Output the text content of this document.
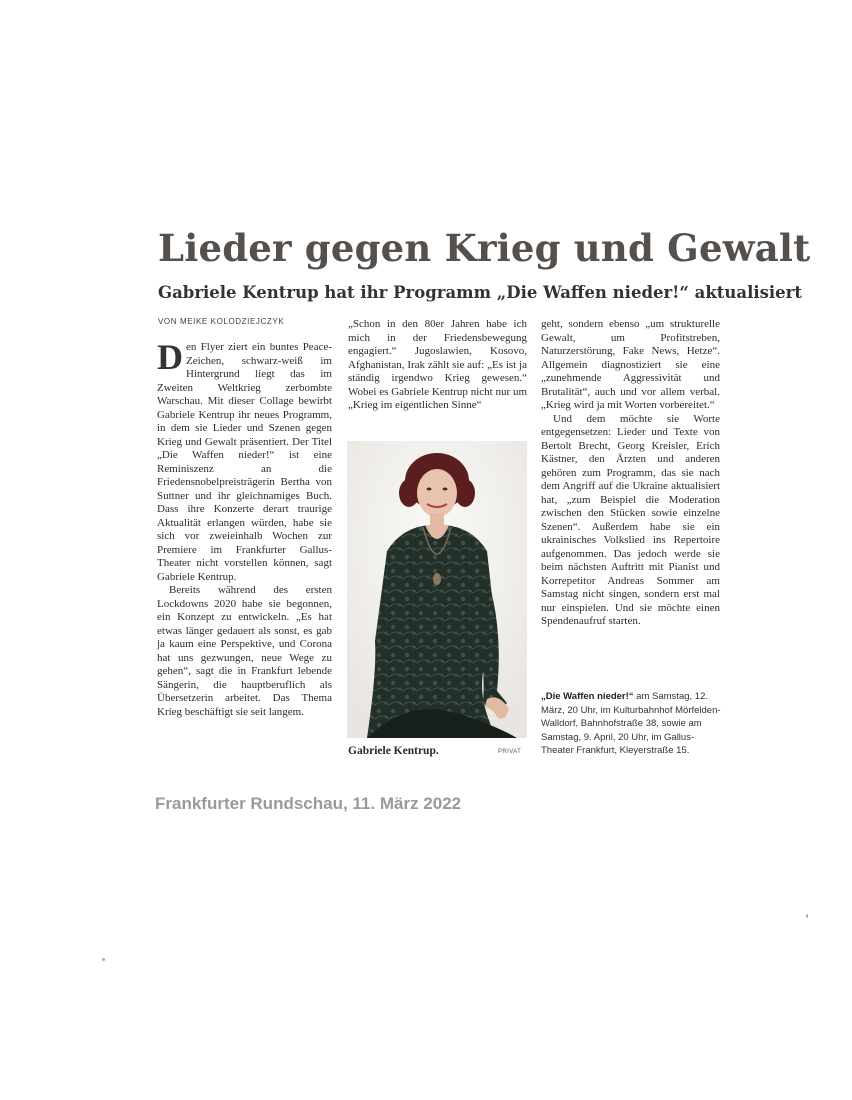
Lieder gegen Krieg und Gewalt
Gabriele Kentrup hat ihr Programm „Die Waffen nieder!“ aktualisiert
VON MEIKE KOLODZIEJCZYK

Den Flyer ziert ein buntes Peace-Zeichen, schwarz-weiß im Hintergrund liegt das im Zweiten Weltkrieg zerbombte Warschau. Mit dieser Collage bewirbt Gabriele Kentrup ihr neues Programm, in dem sie Lieder und Szenen gegen Krieg und Gewalt präsentiert. Der Titel „Die Waffen nieder!“ ist eine Reminiszenz an die Friedensnobelpreisträgerin Bertha von Suttner und ihr gleichnamiges Buch. Dass ihre Konzerte derart traurige Aktualität erlangen würden, habe sie sich vor zweieinhalb Wochen zur Premiere im Frankfurter Gallus-Theater nicht vorstellen können, sagt Gabriele Kentrup.

Bereits während des ersten Lockdowns 2020 habe sie begonnen, ein Konzept zu entwickeln. „Es hat etwas länger gedauert als sonst, es gab ja kaum eine Perspektive, und Corona hat uns gezwungen, neue Wege zu gehen“, sagt die in Frankfurt lebende Sängerin, die hauptberuflich als Übersetzerin arbeitet. Das Thema Krieg beschäftigt sie seit langem.

„Schon in den 80er Jahren habe ich mich in der Friedensbewegung engagiert.“ Jugoslawien, Kosovo, Afghanistan, Irak zählt sie auf: „Es ist ja ständig irgendwo Krieg gewesen.“ Wobei es Gabriele Kentrup nicht nur um „Krieg im eigentlichen Sinne“

Gabriele Kentrup.	PRIVAT

geht, sondern ebenso „um strukturelle Gewalt, um Profitstreben, Naturzerstörung, Fake News, Hetze“. Allgemein diagnostiziert sie eine „zunehmende Aggressivität und Brutalität“, auch und vor allem verbal. „Krieg wird ja mit Worten vorbereitet.“

Und dem möchte sie Worte entgegensetzen: Lieder und Texte von Bertolt Brecht, Georg Kreisler, Erich Kästner, den Ärzten und anderen gehören zum Programm, das sie nach dem Angriff auf die Ukraine aktualisiert hat, „zum Beispiel die Moderation zwischen den Stücken sowie einzelne Szenen“. Außerdem habe sie ein ukrainisches Volkslied ins Repertoire aufgenommen. Das jedoch werde sie beim nächsten Auftritt mit Pianist und Korrepetitor Andreas Sommer am Samstag nicht singen, sondern erst mal nur einspielen. Und sie möchte einen Spendenaufruf starten.

„Die Waffen nieder!“ am Samstag, 12. März, 20 Uhr, im Kulturbahnhof Mörfelden-Walldorf, Bahnhofstraße 38, sowie am Samstag, 9. April, 20 Uhr, im Gallus-Theater Frankfurt, Kleyerstraße 15.
Frankfurter Rundschau, 11. März 2022
